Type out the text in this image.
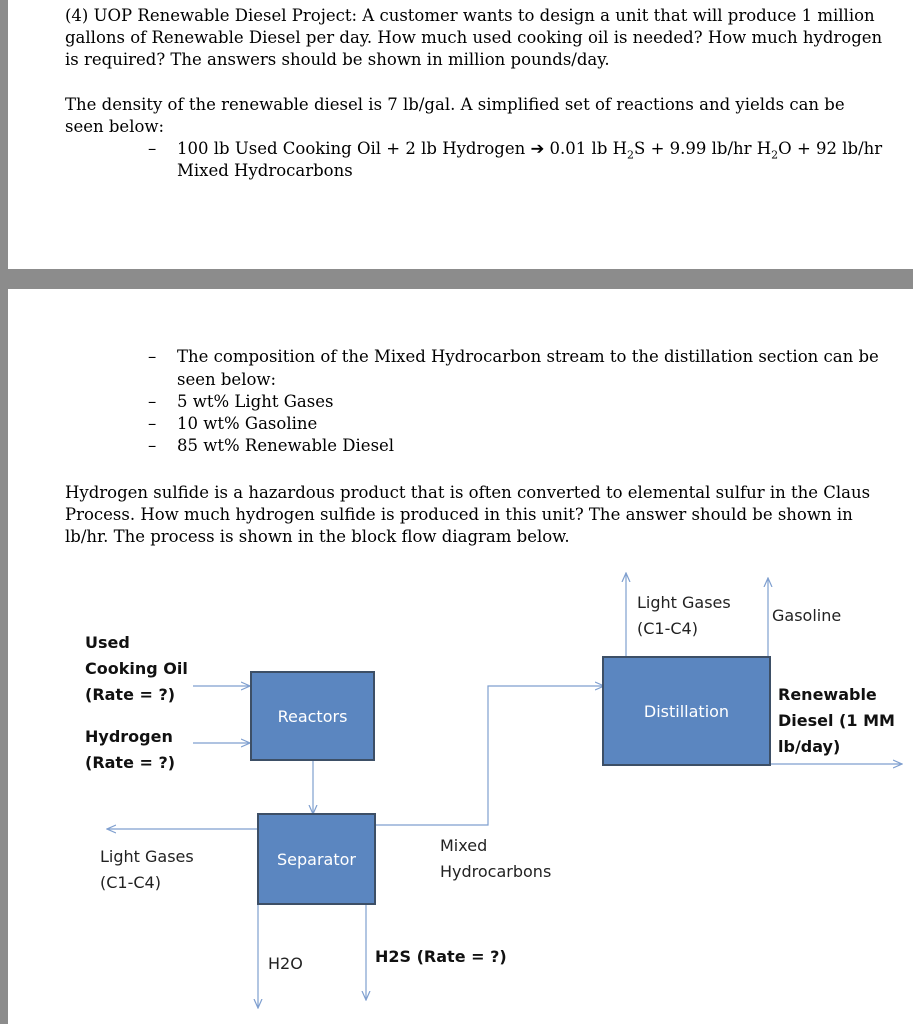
(4) UOP Renewable Diesel Project: A customer wants to design a unit that will produce 1 million
gallons of Renewable Diesel per day. How much used cooking oil is needed? How much hydrogen
is required? The answers should be shown in million pounds/day.
The density of the renewable diesel is 7 lb/gal. A simplified set of reactions and yields can be
seen below:
– 100 lb Used Cooking Oil + 2 lb Hydrogen ➔ 0.01 lb $H_2S + 9.99$ lb/hr $H_2O + 92$ lb/hr
Mixed Hydrocarbons
– The composition of the Mixed Hydrocarbon stream to the distillation section can be
seen below:
– 5 wt% Light Gases
– 10 wt% Gasoline
– 85 wt% Renewable Diesel
Hydrogen sulfide is a hazardous product that is often converted to elemental sulfur in the Claus
Process. How much hydrogen sulfide is produced in this unit? The answer should be shown in
lb/hr. The process is shown in the block flow diagram below.
Reactors
Separator
Distillation
Used
Cooking Oil
(Rate = ?)
Hydrogen
(Rate = ?)
Light Gases
(C1-C4)
Gasoline
Renewable
Diesel (1 MM
lb/day)
Light Gases
(C1-C4)
Mixed
Hydrocarbons
H2O	H2S (Rate = ?)
